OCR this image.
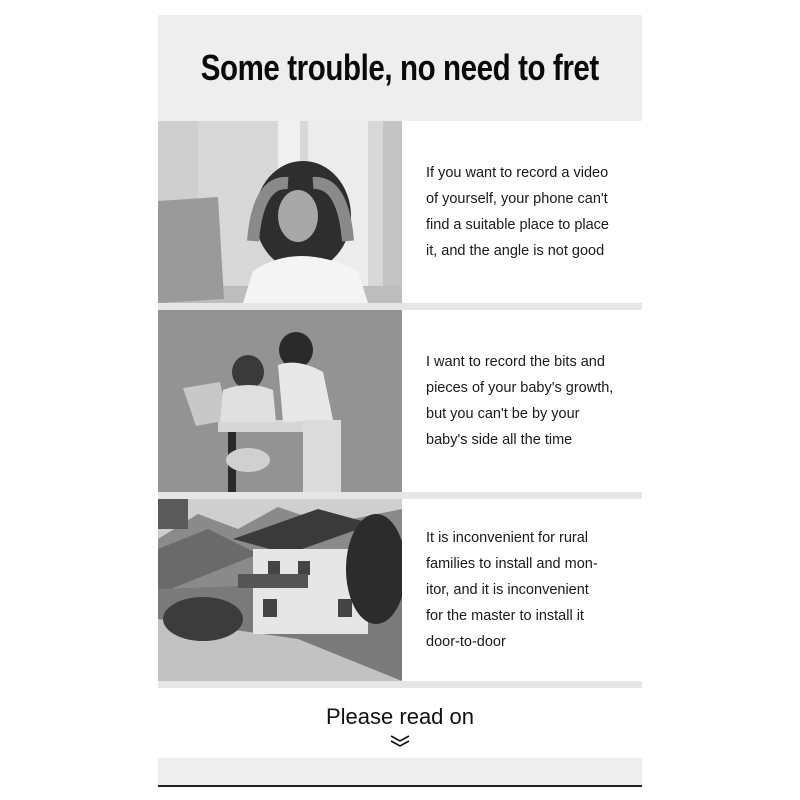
Some trouble, no need to fret

If you want to record a video
of yourself, your phone can't
find a suitable place to place
it, and the angle is not good

I want to record the bits and
pieces of your baby's growth,
but you can't be by your
baby's side all the time

It is inconvenient for rural
families to install and mon-
itor, and it is inconvenient
for the master to install it
door-to-door

Please read on
